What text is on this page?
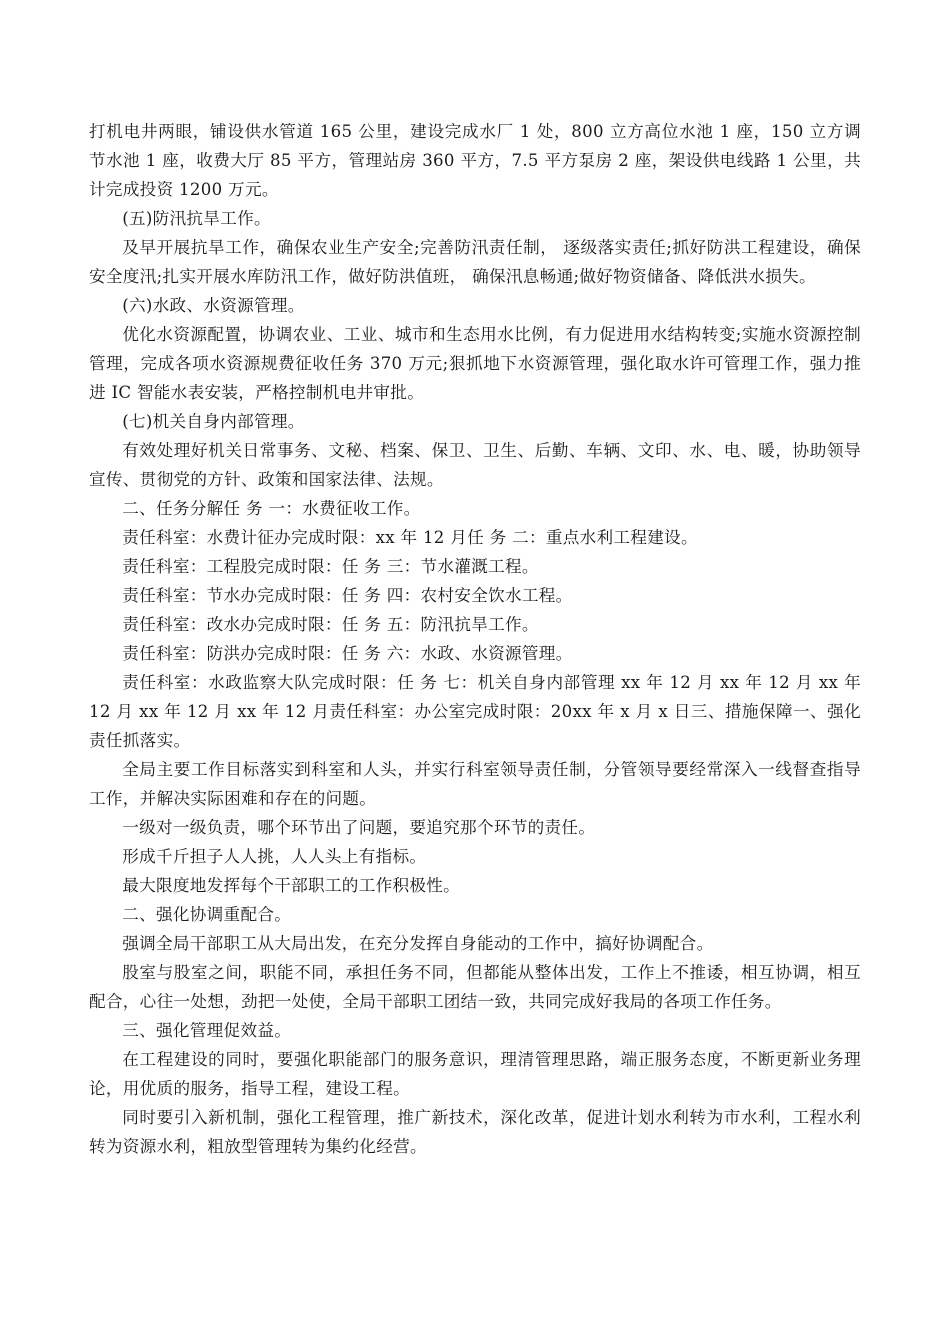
打机电井两眼，铺设供水管道 165 公里，建设完成水厂 1 处，800 立方高位水池 1 座，150 立方调节水池 1 座，收费大厅 85 平方，管理站房 360 平方，7.5 平方泵房 2 座，架设供电线路 1 公里，共计完成投资 1200 万元。

(五)防汛抗旱工作。

及早开展抗旱工作，确保农业生产安全;完善防汛责任制， 逐级落实责任;抓好防洪工程建设，确保安全度汛;扎实开展水库防汛工作，做好防洪值班， 确保汛息畅通;做好物资储备、降低洪水损失。

(六)水政、水资源管理。

优化水资源配置，协调农业、工业、城市和生态用水比例，有力促进用水结构转变;实施水资源控制管理，完成各项水资源规费征收任务 370 万元;狠抓地下水资源管理，强化取水许可管理工作，强力推进 IC 智能水表安装，严格控制机电井审批。

(七)机关自身内部管理。

有效处理好机关日常事务、文秘、档案、保卫、卫生、后勤、车辆、文印、水、电、暖，协助领导宣传、贯彻党的方针、政策和国家法律、法规。

二、任务分解任 务 一：水费征收工作。

责任科室：水费计征办完成时限：xx 年 12 月任 务 二：重点水利工程建设。

责任科室：工程股完成时限：任 务 三：节水灌溉工程。

责任科室：节水办完成时限：任 务 四：农村安全饮水工程。

责任科室：改水办完成时限：任 务 五：防汛抗旱工作。

责任科室：防洪办完成时限：任 务 六：水政、水资源管理。

责任科室：水政监察大队完成时限：任 务 七：机关自身内部管理 xx 年 12 月 xx 年 12 月 xx 年 12 月 xx 年 12 月 xx 年 12 月责任科室：办公室完成时限：20xx 年 x 月 x 日三、措施保障一、强化责任抓落实。

全局主要工作目标落实到科室和人头，并实行科室领导责任制，分管领导要经常深入一线督查指导工作，并解决实际困难和存在的问题。

一级对一级负责，哪个环节出了问题，要追究那个环节的责任。

形成千斤担子人人挑，人人头上有指标。

最大限度地发挥每个干部职工的工作积极性。

二、强化协调重配合。

强调全局干部职工从大局出发，在充分发挥自身能动的工作中，搞好协调配合。

股室与股室之间，职能不同，承担任务不同，但都能从整体出发，工作上不推诿，相互协调，相互配合，心往一处想，劲把一处使，全局干部职工团结一致，共同完成好我局的各项工作任务。

三、强化管理促效益。

在工程建设的同时，要强化职能部门的服务意识，理清管理思路，端正服务态度，不断更新业务理论，用优质的服务，指导工程，建设工程。

同时要引入新机制，强化工程管理，推广新技术，深化改革，促进计划水利转为市水利，工程水利转为资源水利，粗放型管理转为集约化经营。
